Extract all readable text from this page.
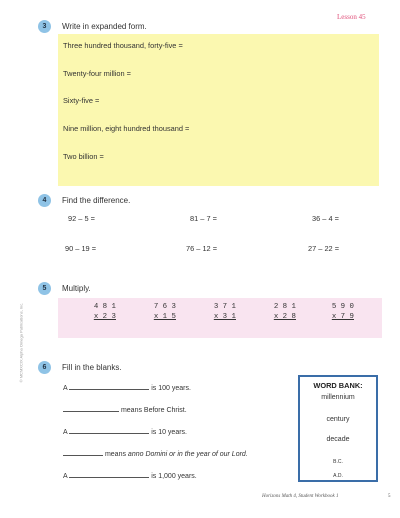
Lesson 45
3	Write in expanded form.
Three hundred thousand, forty-five =
Twenty-four million =
Sixty-five =
Nine million, eight hundred thousand =
Two billion =
4	Find the difference.
92 – 5 =	81 – 7 =	36 – 4 =
90 – 19 =	76 – 12 =	27 – 22 =
5	Multiply.
4 8 1
x 2 3
7 6 3
x 1 5
3 7 1
x 3 1
2 8 1
x 2 8
5 9 0
x 7 9
6	Fill in the blanks.
A	is 100 years.
means Before Christ.
A	is 10 years.
means anno Domini or in the year of our Lord.
A	is 1,000 years.
WORD BANK:
millennium
century
decade
B.C.
A.D.
Horizons Math 4, Student Workbook 1	5
© MCMXCIX Alpha Omega Publications, Inc.
